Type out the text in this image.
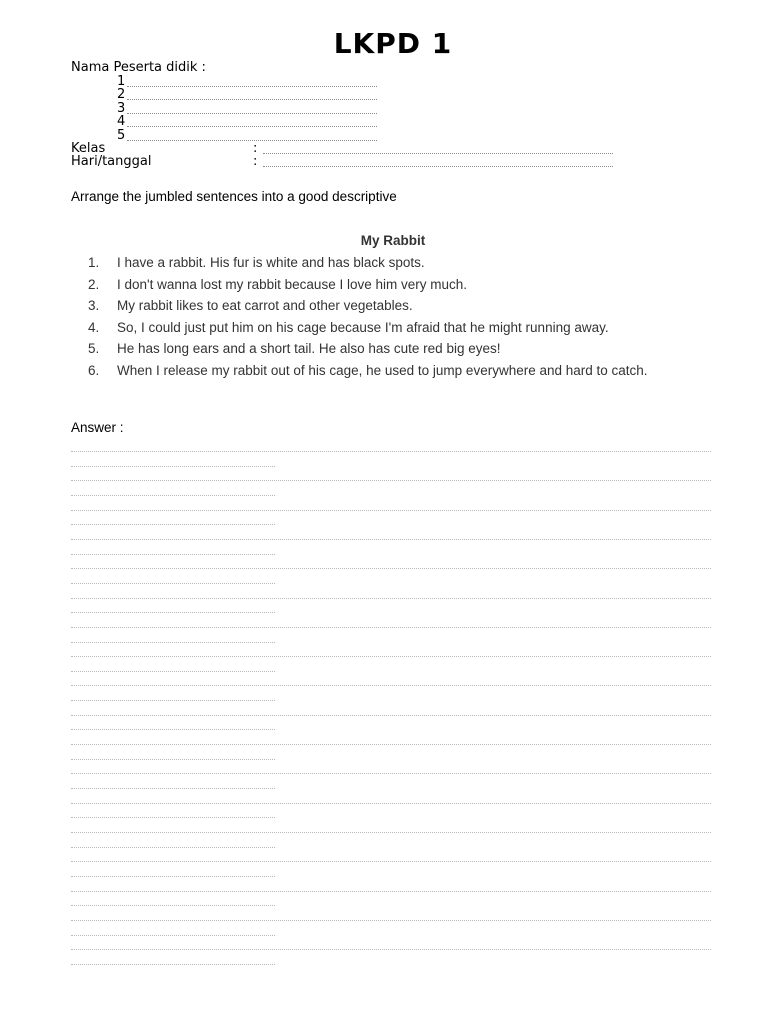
LKPD 1
Nama Peserta didik :
1
2
3
4
5
Kelas	:
Hari/tanggal	:
Arrange the jumbled sentences into a good descriptive
My Rabbit
1. I have a rabbit. His fur is white and has black spots.
2. I don't wanna lost my rabbit because I love him very much.
3. My rabbit likes to eat carrot and other vegetables.
4. So, I could just put him on his cage because I'm afraid that he might running away.
5. He has long ears and a short tail. He also has cute red big eyes!
6. When I release my rabbit out of his cage, he used to jump everywhere and hard to catch.
Answer :
